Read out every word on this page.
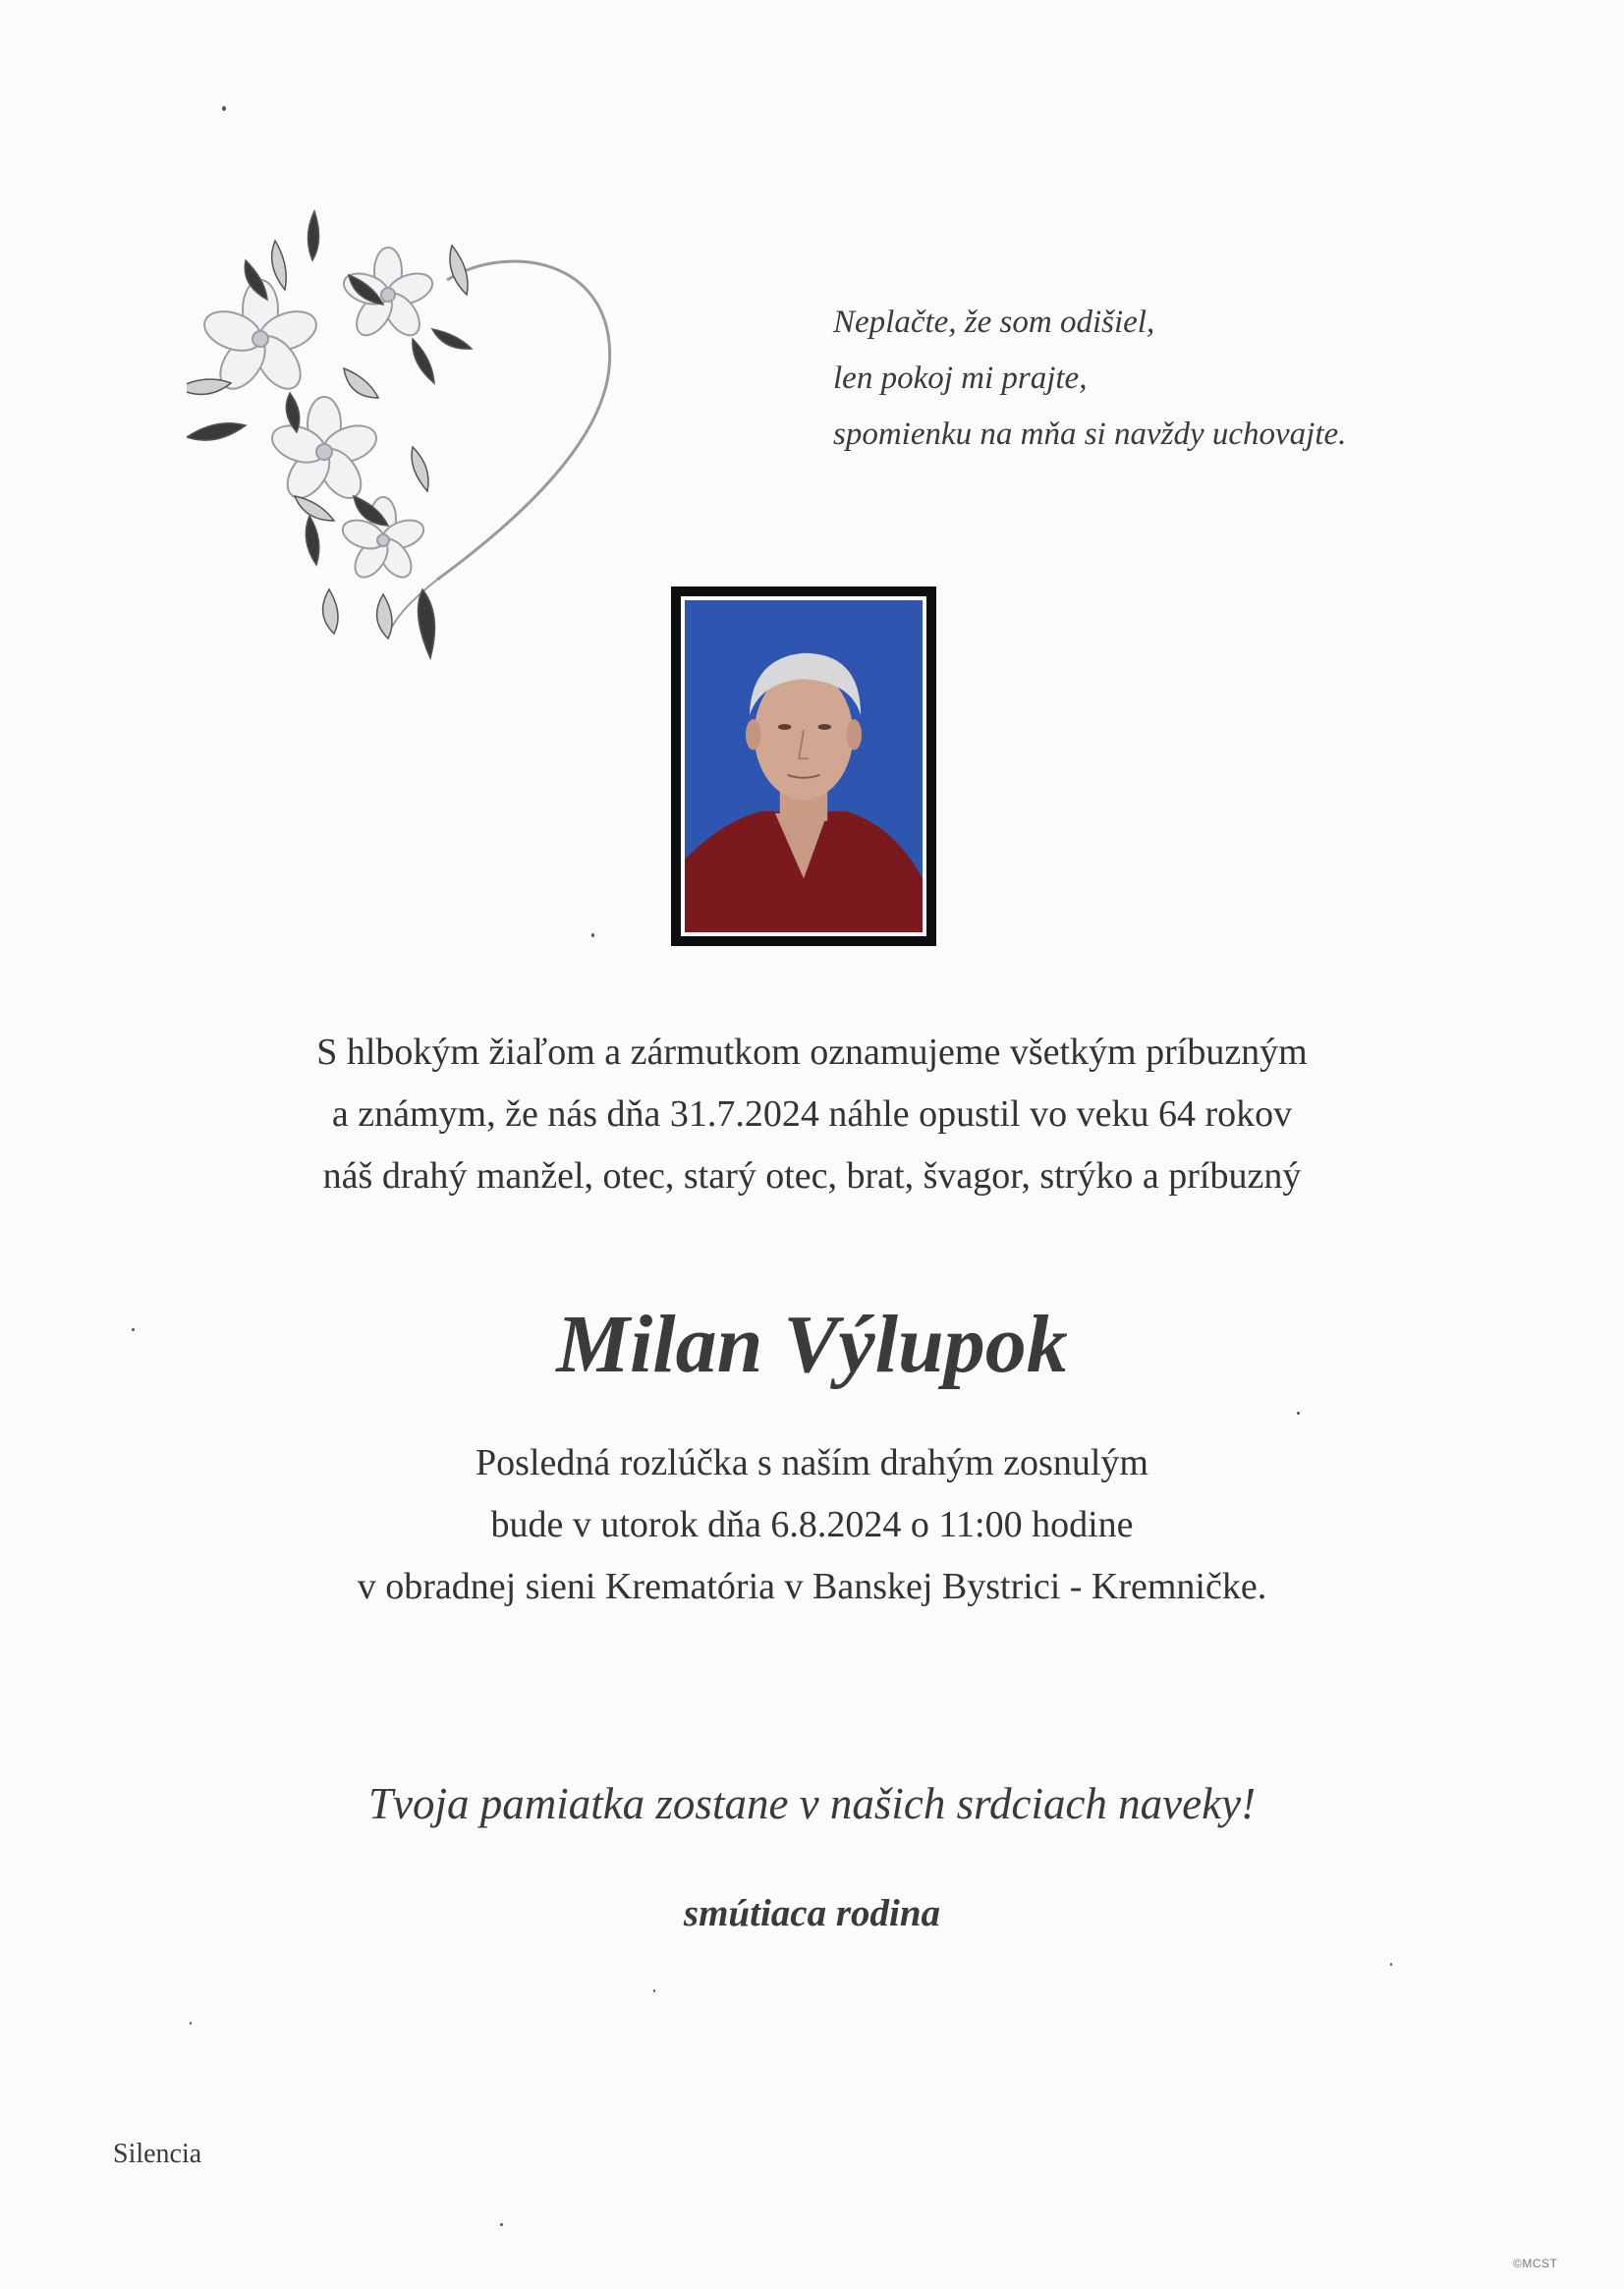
Neplačte, že som odišiel,
len pokoj mi prajte,
spomienku na mňa si navždy uchovajte.
S hlbokým žiaľom a zármutkom oznamujeme všetkým príbuzným
a známym, že nás dňa 31.7.2024 náhle opustil vo veku 64 rokov
náš drahý manžel, otec, starý otec, brat, švagor, strýko a príbuzný
Milan Výlupok
Posledná rozlúčka s naším drahým zosnulým
bude v utorok dňa 6.8.2024 o 11:00 hodine
v obradnej sieni Krematória v Banskej Bystrici - Kremničke.
Tvoja pamiatka zostane v našich srdciach naveky!
smútiaca rodina
Silencia
©MCST
